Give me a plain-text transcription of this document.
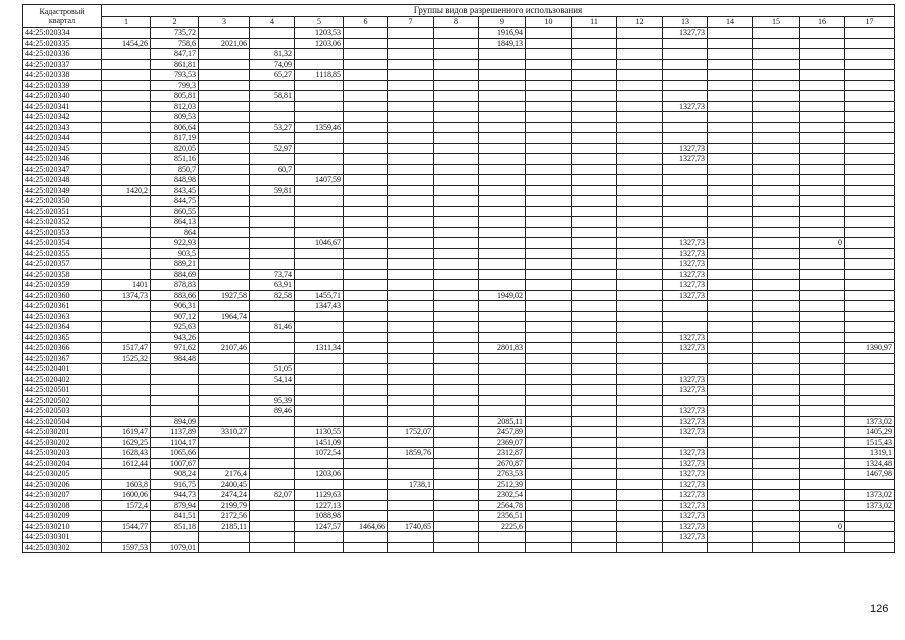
Кадастровый
квартал	Группы видов разрешенного использования																
	1	2	3	4	5	6	7	8	9	10	11	12	13	14	15	16	17
44:25:020334		735,72			1203,53				1916,94				1327,73				
44:25:020335	1454,26	758,6	2021,06		1203,06				1849,13								
44:25:020336		847,17		81,32													
44:25:020337		861,81		74,09													
44:25:020338		793,53		65,27	1118,85												
44:25:020339		799,3															
44:25:020340		805,81		58,81													
44:25:020341		812,03											1327,73				
44:25:020342		809,53															
44:25:020343		806,64		53,27	1359,46												
44:25:020344		817,19															
44:25:020345		820,05		52,97									1327,73				
44:25:020346		851,16											1327,73				
44:25:020347		850,7		60,7													
44:25:020348		848,98			1407,59												
44:25:020349	1420,2	843,45		59,81													
44:25:020350		844,75															
44:25:020351		860,55															
44:25:020352		864,13															
44:25:020353		864															
44:25:020354		922,93			1046,67								1327,73			0	
44:25:020355		903,5											1327,73				
44:25:020357		889,21											1327,73				
44:25:020358		884,69		73,74									1327,73				
44:25:020359	1401	878,83		63,91									1327,73				
44:25:020360	1374,73	883,66	1927,58	82,58	1455,71				1949,02				1327,73				
44:25:020361		906,31			1347,43												
44:25:020363		907,12	1964,74														
44:25:020364		925,63		81,46													
44:25:020365		943,26											1327,73				
44:25:020366	1517,47	971,62	2107,46		1311,34				2801,83				1327,73				1390,97
44:25:020367	1525,32	984,48															
44:25:020401				51,05													
44:25:020402				54,14									1327,73				
44:25:020501													1327,73				
44:25:020502				95,39													
44:25:020503				89,46									1327,73				
44:25:020504		894,09							2085,11				1327,73				1373,02
44:25:030201	1619,47	1137,89	3310,27		1130,55		1752,07		2457,89				1327,73				1405,29
44:25:030202	1629,25	1104,17			1451,09				2369,07								1515,43
44:25:030203	1628,43	1065,66			1072,54		1859,76		2312,87				1327,73				1319,1
44:25:030204	1612,44	1007,67							2670,87				1327,73				1324,48
44:25:030205		908,24	2176,4		1203,06				2763,53				1327,73				1467,98
44:25:030206	1603,8	916,75	2400,45				1738,1		2512,39				1327,73				
44:25:030207	1600,06	944,73	2474,24	82,07	1129,63				2302,54				1327,73				1373,02
44:25:030208	1572,4	879,94	2199,79		1227,13				2564,78				1327,73				1373,02
44:25:030209		841,51	2172,56		1088,98				2356,51				1327,73				
44:25:030210	1544,77	851,18	2185,11		1247,57	1464,66	1740,65		2225,6				1327,73			0	
44:25:030301													1327,73				
44:25:030302	1597,53	1079,01															
126
